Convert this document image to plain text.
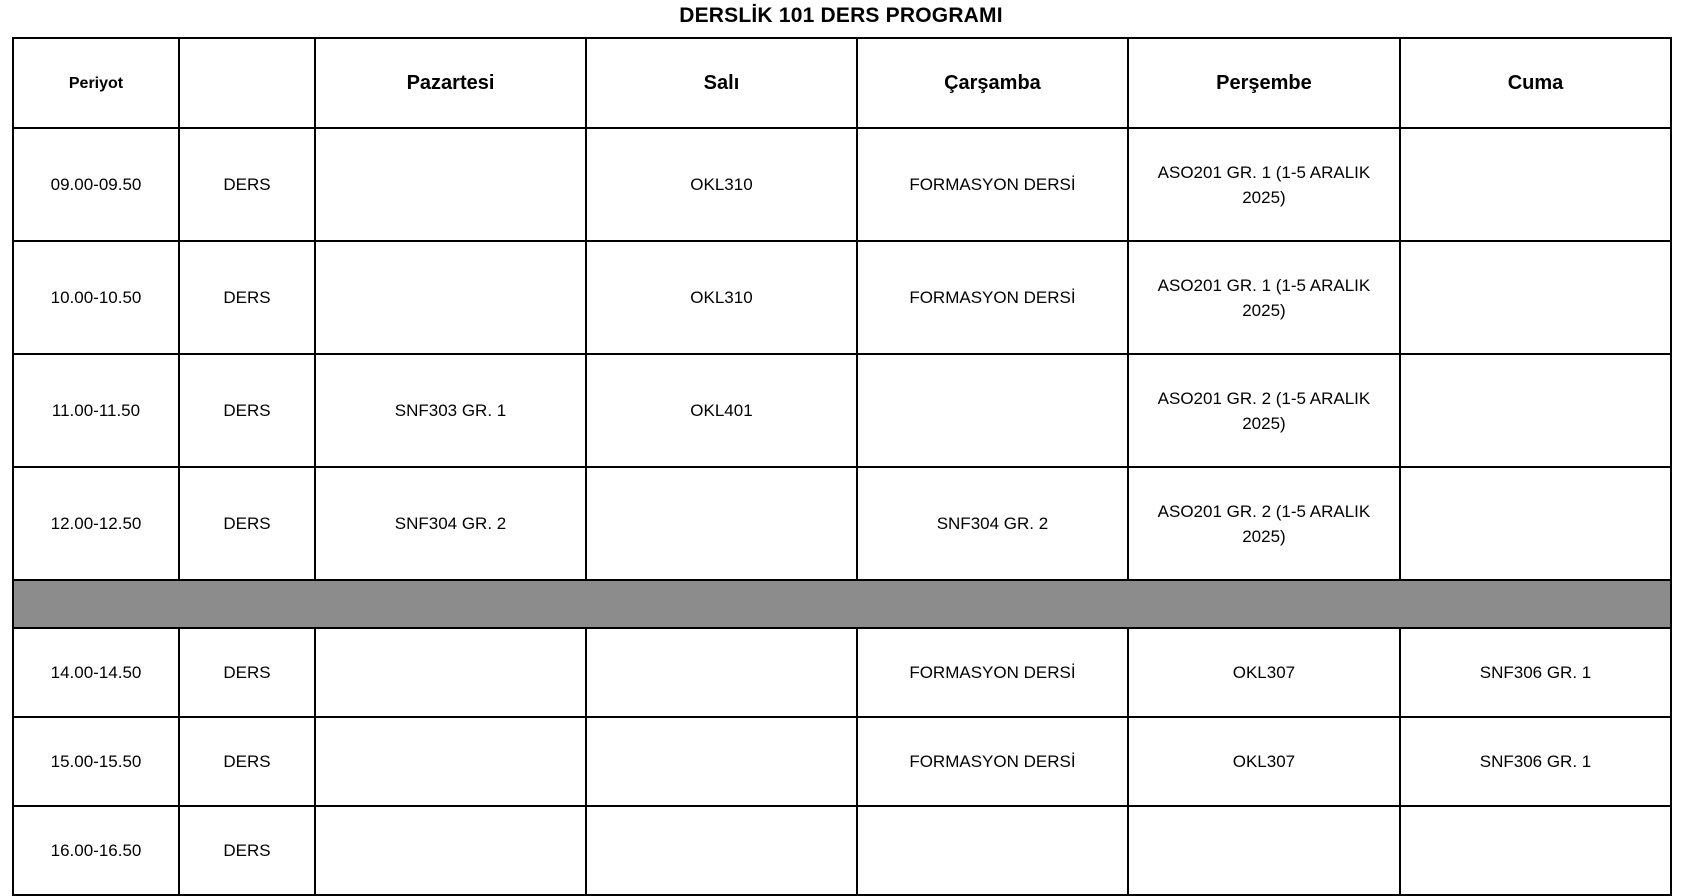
DERSLİK 101 DERS PROGRAMI
Periyot		Pazartesi	Salı	Çarşamba	Perşembe	Cuma
09.00-09.50	DERS		OKL310	FORMASYON DERSİ	ASO201 GR. 1 (1-5 ARALIK 2025)	
10.00-10.50	DERS		OKL310	FORMASYON DERSİ	ASO201 GR. 1 (1-5 ARALIK 2025)	
11.00-11.50	DERS	SNF303 GR. 1	OKL401		ASO201 GR. 2 (1-5 ARALIK 2025)	
12.00-12.50	DERS	SNF304 GR. 2		SNF304 GR. 2	ASO201 GR. 2 (1-5 ARALIK 2025)	

14.00-14.50	DERS			FORMASYON DERSİ	OKL307	SNF306 GR. 1
15.00-15.50	DERS			FORMASYON DERSİ	OKL307	SNF306 GR. 1
16.00-16.50	DERS					
